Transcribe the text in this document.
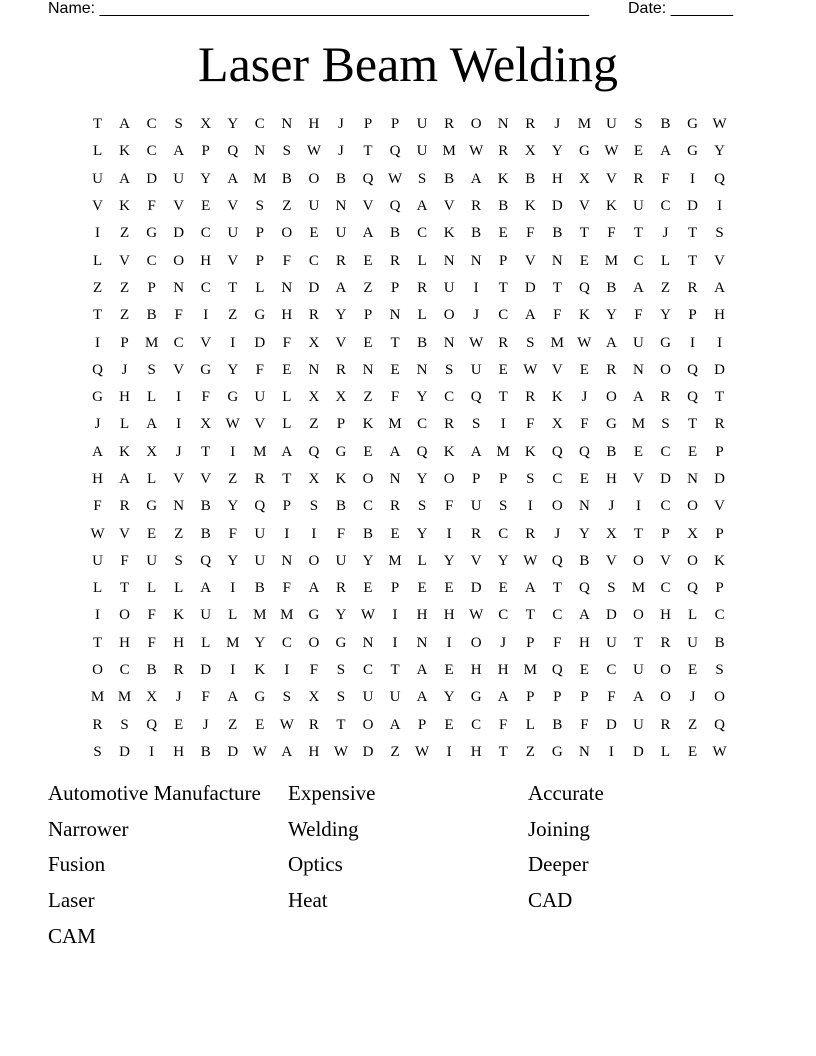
Name: _______________________________________________________ Date: _______
Laser Beam Welding
T	A	C	S	X	Y	C	N	H	J	P	P	U	R	O	N	R	J	M U	S	B	G W
L	K	C	A	P	Q	N	S	W	J	T	Q	U M W R	X	Y	G W	E	A	G	Y
U	A	D	U	Y	A M	B	O	B	Q W	S	B	A	K	B	H	X	V	R	F	I	Q
V	K	F	V	E	V	S	Z	U	N	V	Q	A	V	R	B	K	D	V	K	U	C	D	I
I	Z	G	D	C	U	P	O	E	U	A	B	C	K	B	E	F	B	T	F	T	J	T	S
L	V	C	O	H	V	P	F	C	R	E	R	L	N	N	P	V	N	E	M	C	L	T	V
Z	Z	P	N	C	T	L	N	D	A	Z	P	R	U	I	T	D	T	Q	B	A	Z	R	A
T	Z	B	F	I	Z	G	H	R	Y	P	N	L	O	J	C	A	F	K	Y	F	Y	P	H
I	P	M	C	V	I	D	F	X	V	E	T	B	N W R	S	M W A	U	G	I	I
Q	J	S	V	G	Y	F	E	N	R	N	E	N	S	U	E	W V	E	R	N	O	Q	D
G	H	L	I	F	G	U	L	X	X	Z	F	Y	C	Q	T	R	K	J	O	A	R	Q	T
J	L	A	I	X W V	L	Z	P	K M	C	R	S	I	F	X	F	G M	S	T	R
A	K	X	J	T	I	M A	Q	G	E	A	Q	K	A M K	Q	Q	B	E	C	E	P
H	A	L	V	V	Z	R	T	X	K	O	N	Y	O	P	P	S	C	E	H	V	D	N	D
F	R	G	N	B	Y	Q	P	S	B	C	R	S	F	U	S	I	O	N	J	I	C	O	V
W V	E	Z	B	F	U	I	I	F	B	E	Y	I	R	C	R	J	Y	X	T	P	X	P
U	F	U	S	Q	Y	U	N	O	U	Y M	L	Y	V	Y W Q	B	V	O	V	O	K
L	T	L	L	A	I	B	F	A	R	E	P	E	E	D	E	A	T	Q	S	M	C	Q	P
I	O	F	K	U	L	M M G	Y W	I	H	H W C	T	C	A	D	O	H	L	C
T	H	F	H	L	M Y	C	O	G	N	I	N	I	O	J	P	F	H	U	T	R	U	B
O	C	B	R	D	I	K	I	F	S	C	T	A	E	H	H M Q	E	C	U	O	E	S
M M X	J	F	A	G	S	X	S	U	U	A	Y	G	A	P	P	P	F	A	O	J	O
R	S	Q	E	J	Z	E	W R	T	O	A	P	E	C	F	L	B	F	D	U	R	Z	Q
S	D	I	H	B	D W A	H W D	Z	W	I	H	T	Z	G	N	I	D	L	E	W
Automotive Manufacture	Expensive	Accurate
Narrower	Welding	Joining
Fusion	Optics	Deeper
Laser	Heat	CAD
CAM
